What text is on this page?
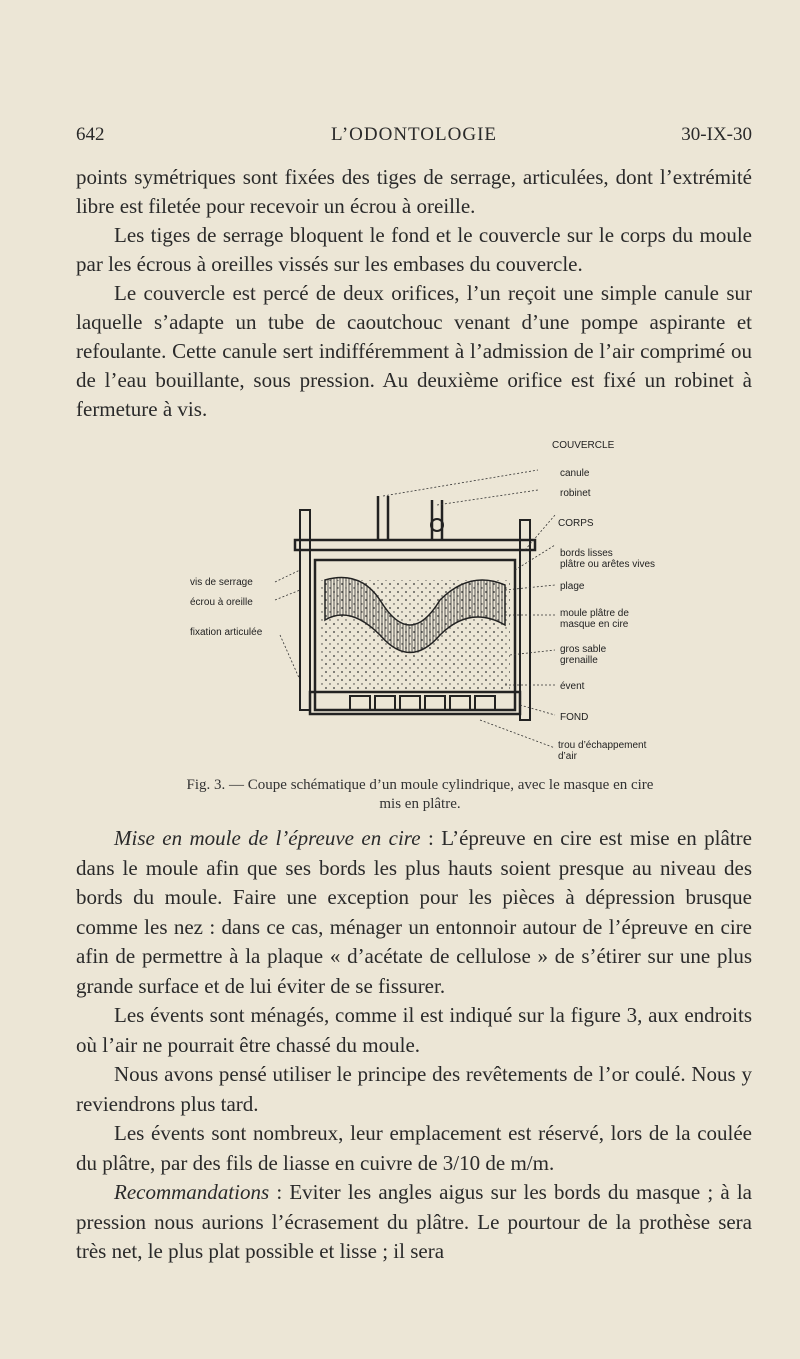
L’ODONTOLOGIE
642	30-IX-30

points symétriques sont fixées des tiges de serrage, articulées, dont l’extrémité libre est filetée pour recevoir un écrou à oreille.

Les tiges de serrage bloquent le fond et le couvercle sur le corps du moule par les écrous à oreilles vissés sur les embases du couvercle.

Le couvercle est percé de deux orifices, l’un reçoit une simple canule sur laquelle s’adapte un tube de caoutchouc venant d’une pompe aspirante et refoulante. Cette canule sert indifféremment à l’admission de l’air comprimé ou de l’eau bouillante, sous pression. Au deuxième orifice est fixé un robinet à fermeture à vis.

COUVERCLE
canule
robinet
CORPS
bords lisses
plâtre ou arêtes vives
plage
moule plâtre de
masque en cire
gros sable
grenaille
évent
FOND
trou d’échappement
d’air
vis de serrage
écrou à oreille
fixation articulée
Fig. 3. — Coupe schématique d’un moule cylindrique, avec le masque en cire
mis en plâtre.

Mise en moule de l’épreuve en cire : L’épreuve en cire est mise en plâtre dans le moule afin que ses bords les plus hauts soient presque au niveau des bords du moule. Faire une exception pour les pièces à dépression brusque comme les nez : dans ce cas, ménager un entonnoir autour de l’épreuve en cire afin de permettre à la plaque « d’acétate de cellulose » de s’étirer sur une plus grande surface et de lui éviter de se fissurer.

Les évents sont ménagés, comme il est indiqué sur la figure 3, aux endroits où l’air ne pourrait être chassé du moule.

Nous avons pensé utiliser le principe des revêtements de l’or coulé. Nous y reviendrons plus tard.

Les évents sont nombreux, leur emplacement est réservé, lors de la coulée du plâtre, par des fils de liasse en cuivre de 3/10 de m/m.

Recommandations : Eviter les angles aigus sur les bords du masque ; à la pression nous aurions l’écrasement du plâtre. Le pourtour de la prothèse sera très net, le plus plat possible et lisse ; il sera
